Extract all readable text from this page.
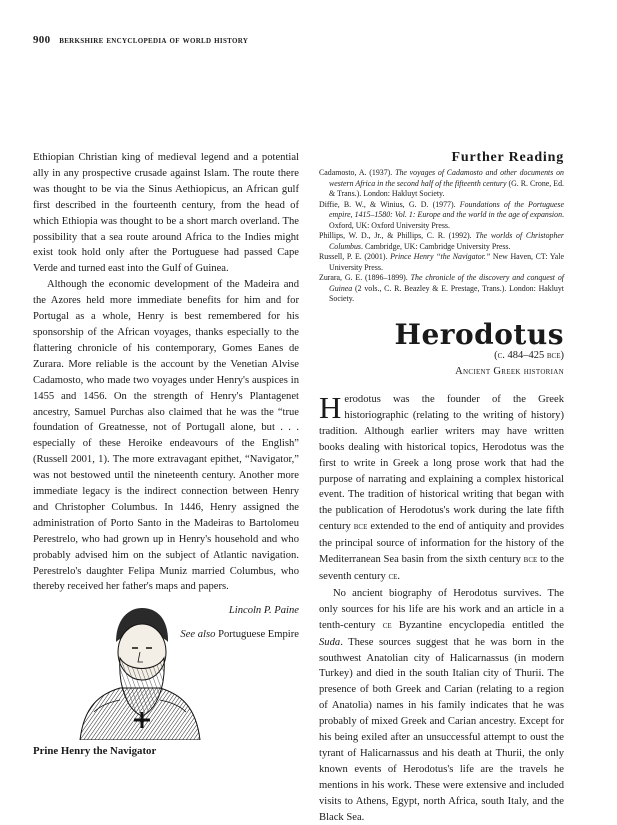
900 berkshire encyclopedia of world history

Ethiopian Christian king of medieval legend and a potential ally in any prospective crusade against Islam. The route there was thought to be via the Sinus Aethiopicus, an African gulf first described in the fourteenth century, from the head of which Ethiopia was thought to be a short march overland. The possibility that a sea route around Africa to the Indies might exist took hold only after the Portuguese had passed Cape Verde and turned east into the Gulf of Guinea.

Although the economic development of the Madeira and the Azores held more immediate benefits for him and for Portugal as a whole, Henry is best remembered for his sponsorship of the African voyages, thanks especially to the flattering chronicle of his contemporary, Gomes Eanes de Zurara. More reliable is the account by the Venetian Alvise Cadamosto, who made two voyages under Henry's auspices in 1455 and 1456. On the strength of Henry's Plantagenet ancestry, Samuel Purchas also claimed that he was the “true foundation of Greatnesse, not of Portugall alone, but . . . especially of these Heroike endeavours of the English” (Russell 2001, 1). The more extravagant epithet, “Navigator,” was not bestowed until the nineteenth century. Another more immediate legacy is the indirect connection between Henry and Christopher Columbus. In 1446, Henry assigned the administration of Porto Santo in the Madeiras to Bartolomeu Perestrelo, who had grown up in Henry's household and who probably advised him on the subject of Atlantic navigation. Perestrelo's daughter Felipa Muniz married Columbus, who thereby received her father's maps and papers.

Lincoln P. Paine
See also Portuguese Empire
Prine Henry the Navigator
Further Reading

Cadamosto, A. (1937). The voyages of Cadamosto and other documents on western Africa in the second half of the fifteenth century (G. R. Crone, Ed. & Trans.). London: Hakluyt Society.

Diffie, B. W., & Winius, G. D. (1977). Foundations of the Portuguese empire, 1415–1580: Vol. 1: Europe and the world in the age of expansion. Oxford, UK: Oxford University Press.

Phillips, W. D., Jr., & Phillips, C. R. (1992). The worlds of Christopher Columbus. Cambridge, UK: Cambridge University Press.

Russell, P. E. (2001). Prince Henry “the Navigator.” New Haven, CT: Yale University Press.

Zurara, G. E. (1896–1899). The chronicle of the discovery and conquest of Guinea (2 vols., C. R. Beazley & E. Prestage, Trans.). London: Hakluyt Society.

Herodotus
(c. 484–425 bce)
Ancient Greek historian

Herodotus was the founder of the Greek historiographic (relating to the writing of history) tradition. Although earlier writers may have written books dealing with historical topics, Herodotus was the first to write in Greek a long prose work that had the purpose of narrating and explaining a complex historical event. The tradition of historical writing that began with the publication of Herodotus's work during the late fifth century bce extended to the end of antiquity and provides the principal source of information for the history of the Mediterranean Sea basin from the sixth century bce to the seventh century ce.

No ancient biography of Herodotus survives. The only sources for his life are his work and an article in a tenth-century ce Byzantine encyclopedia entitled the Suda. These sources suggest that he was born in the southwest Anatolian city of Halicarnassus (in modern Turkey) and died in the south Italian city of Thurii. The presence of both Greek and Carian (relating to a region of Anatolia) names in his family indicates that he was probably of mixed Greek and Carian ancestry. Except for his being exiled after an unsuccessful attempt to oust the tyrant of Halicarnassus and his death at Thurii, the only known events of Herodotus's life are the travels he mentions in his work. These were extensive and included visits to Athens, Egypt, north Africa, south Italy, and the Black Sea.
